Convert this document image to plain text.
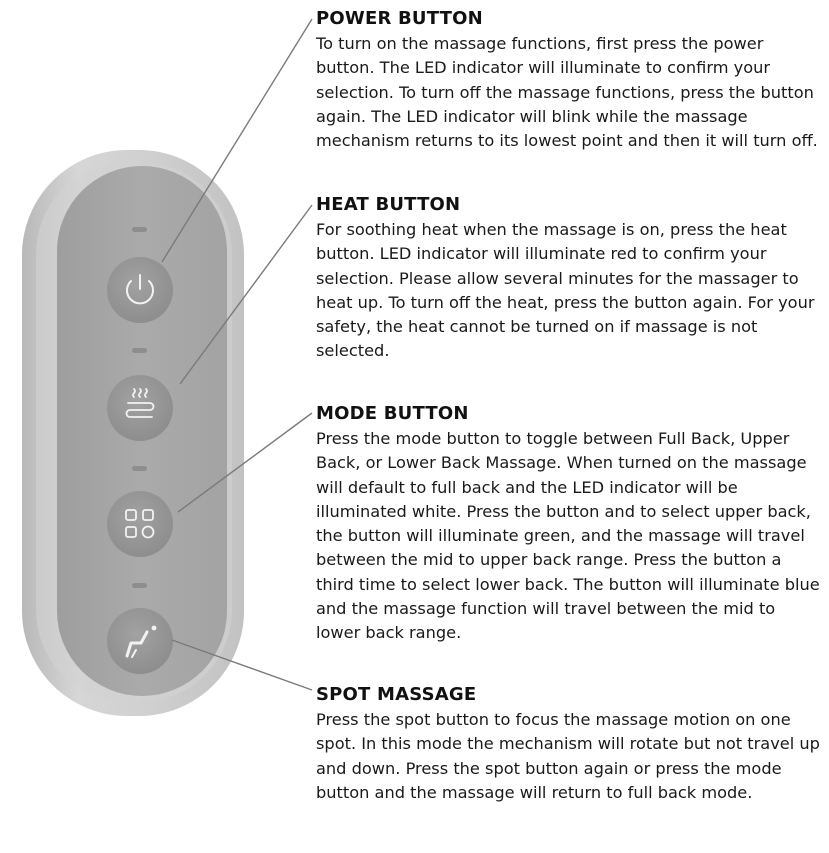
POWER BUTTON

To turn on the massage functions, first press the power button. The LED indicator will illuminate to confirm your selection. To turn off the massage functions, press the button again. The LED indicator will blink while the massage mechanism returns to its lowest point and then it will turn off.

HEAT BUTTON

For soothing heat when the massage is on, press the heat button. LED indicator will illuminate red to confirm your selection. Please allow several minutes for the massager to heat up. To turn off the heat, press the button again. For your safety, the heat cannot be turned on if massage is not selected.

MODE BUTTON

Press the mode button to toggle between Full Back, Upper Back, or Lower Back Massage. When turned on the massage will default to full back and the LED indicator will be illuminated white. Press the button and to select upper back, the button will illuminate green, and the massage will travel between the mid to upper back range. Press the button a third time to select lower back. The button will illuminate blue and the massage function will travel between the mid to lower back range.

SPOT MASSAGE

Press the spot button to focus the massage motion on one spot. In this mode the mechanism will rotate but not travel up and down. Press the spot button again or press the mode button and the massage will return to full back mode.
